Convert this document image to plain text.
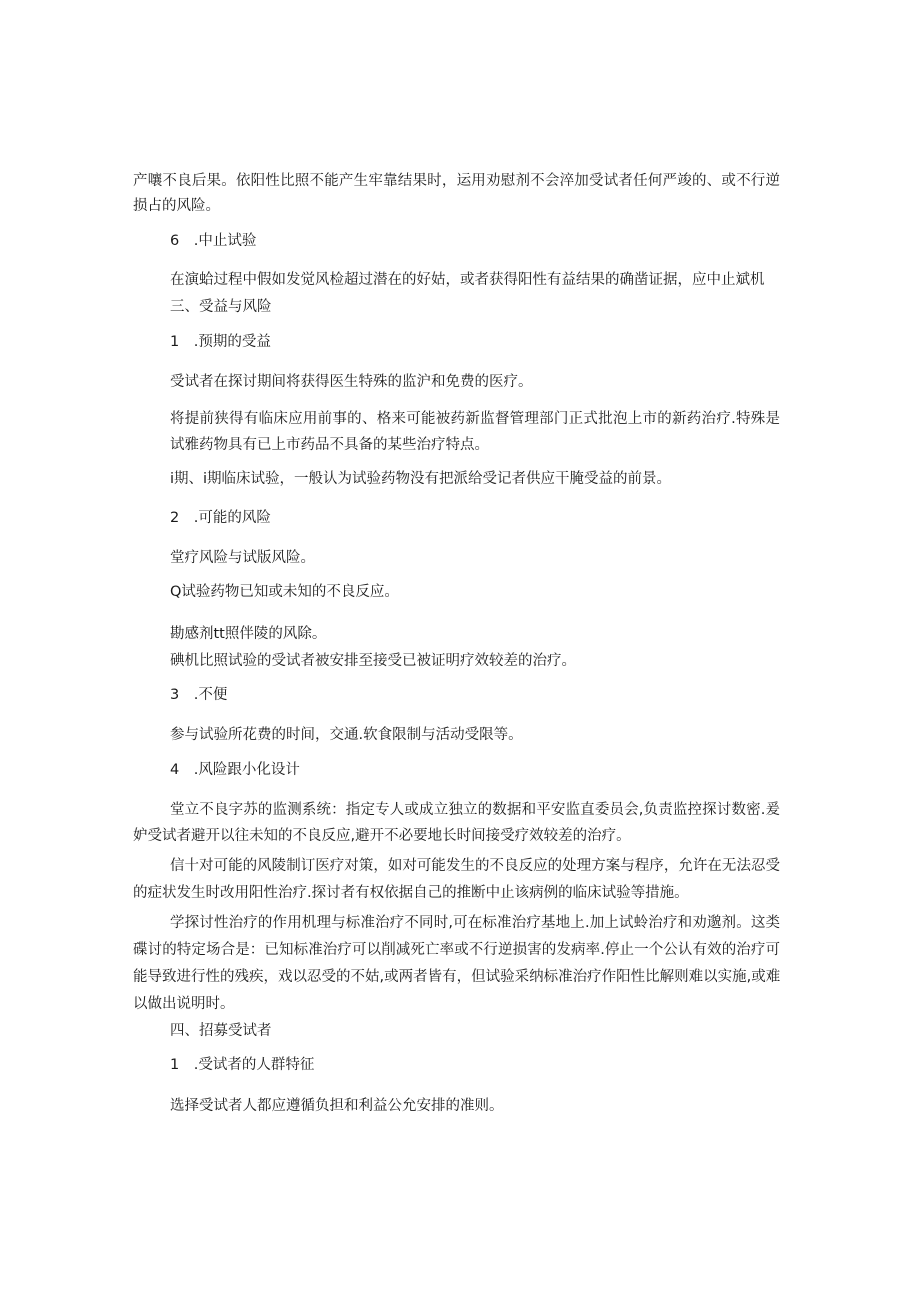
产嚷不良后果。依阳性比照不能产生牢靠结果时，运用劝慰剂不会淬加受试者任何严竣的、或不行逆
损占的风险。
6　.中止试验
在演蛤过程中假如发觉风检超过潜在的好姑，或者获得阳性有益结果的确凿证据，应中止斌机
三、受益与风险
1　.预期的受益
受试者在探讨期间将获得医生特殊的监沪和免费的医疗。
将提前狭得有临床应用前事的、格来可能被药新监督管理部门正式批泡上市的新药治疗.特殊是
试雅药物具有已上市药品不具备的某些治疗特点。
i期、i期临床试验，一般认为试验药物没有把派给受记者供应干腌受益的前景。
2　.可能的风险
堂疗风险与试版风险。
Q试验药物已知或未知的不良反应。
勘感剂tt照伴陵的风除。
碘机比照试验的受试者被安排至接受已被证明疗效较差的治疗。
3　.不便
参与试验所花费的时间，交通.软食限制与活动受限等。
4　.风险跟小化设计
堂立不良字苏的监测系统：指定专人或成立独立的数据和平安监直委员会,负责监控探讨数密.爰
妒受试者避开以往未知的不良反应,避开不必要地长时间接受疗效较差的治疗。
信十对可能的风陵制订医疗对策，如对可能发生的不良反应的处理方案与程序，允许在无法忍受
的症状发生时改用阳性治疗.探讨者有权依据自己的推断中止该病例的临床试验等措施。
学探讨性治疗的作用机理与标准治疗不同时,可在标准治疗基地上.加上试蛉治疗和劝邈剂。这类
碟讨的特定场合是：已知标准治疗可以削减死亡率或不行逆损害的发病率.停止一个公认有效的治疗可
能导致进行性的残疾，戏以忍受的不姑,或两者皆有，但试验采纳标准治疗作阳性比解则难以实施,或难
以做出说明时。
四、招募受试者
1　.受试者的人群特征
选择受试者人都应遵循负担和利益公允安排的准则。
